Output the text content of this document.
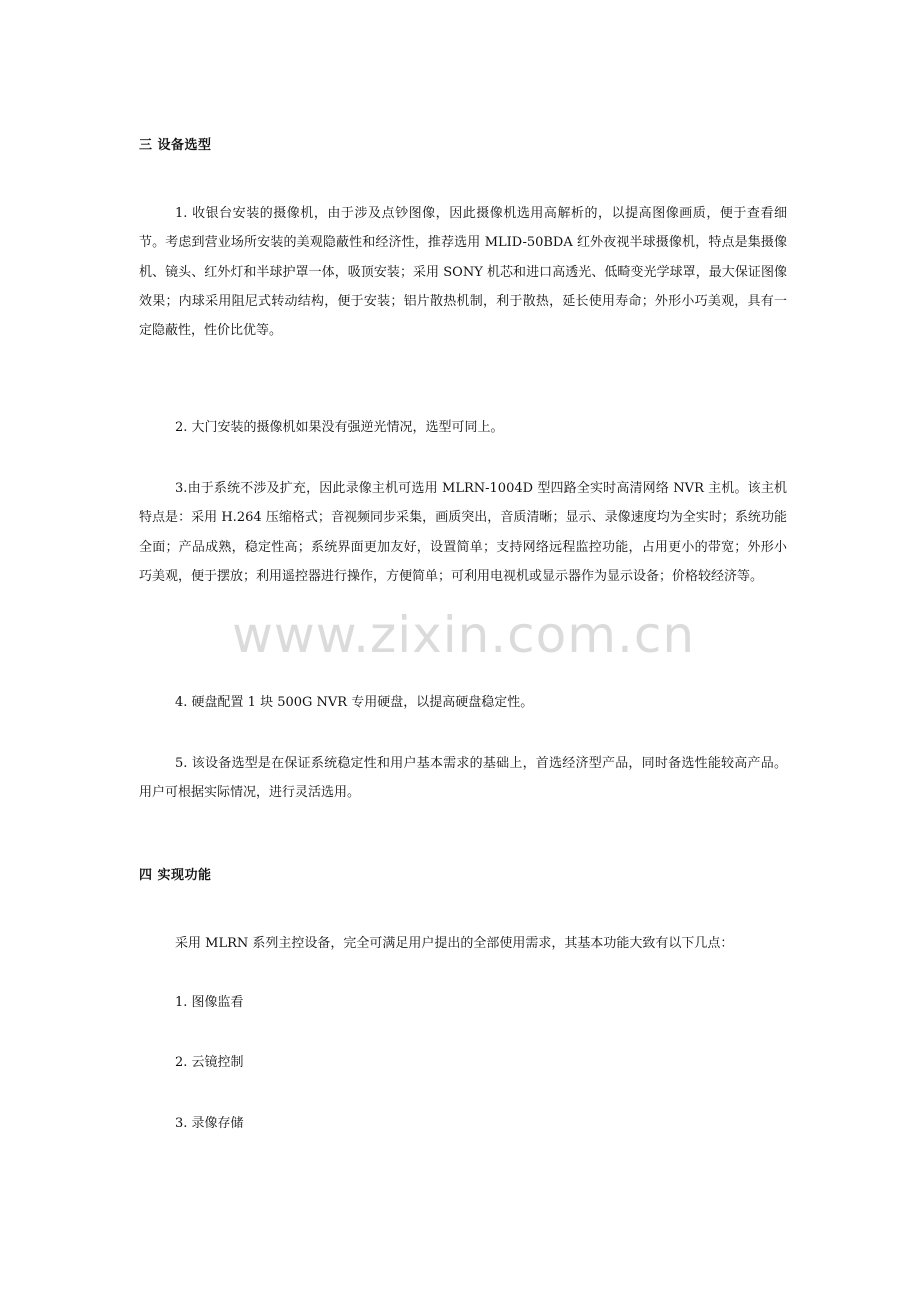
三 设备选型
1. 收银台安装的摄像机，由于涉及点钞图像，因此摄像机选用高解析的，以提高图像画质，便于查看细节。考虑到营业场所安装的美观隐蔽性和经济性，推荐选用 MLID-50BDA 红外夜视半球摄像机，特点是集摄像机、镜头、红外灯和半球护罩一体，吸顶安装；采用 SONY 机芯和进口高透光、低畸变光学球罩，最大保证图像效果；内球采用阻尼式转动结构，便于安装；铝片散热机制，利于散热，延长使用寿命；外形小巧美观，具有一定隐蔽性，性价比优等。
2. 大门安装的摄像机如果没有强逆光情况，选型可同上。
3.由于系统不涉及扩充，因此录像主机可选用 MLRN-1004D 型四路全实时高清网络 NVR 主机。该主机特点是：采用 H.264 压缩格式；音视频同步采集，画质突出，音质清晰；显示、录像速度均为全实时；系统功能全面；产品成熟，稳定性高；系统界面更加友好，设置简单；支持网络远程监控功能，占用更小的带宽；外形小巧美观，便于摆放；利用遥控器进行操作，方便简单；可利用电视机或显示器作为显示设备；价格较经济等。
4. 硬盘配置 1 块 500G NVR 专用硬盘，以提高硬盘稳定性。
5. 该设备选型是在保证系统稳定性和用户基本需求的基础上，首选经济型产品，同时备选性能较高产品。用户可根据实际情况，进行灵活选用。
四 实现功能
采用 MLRN 系列主控设备，完全可满足用户提出的全部使用需求，其基本功能大致有以下几点：
1. 图像监看
2. 云镜控制
3. 录像存储
www.zixin.com.cn
